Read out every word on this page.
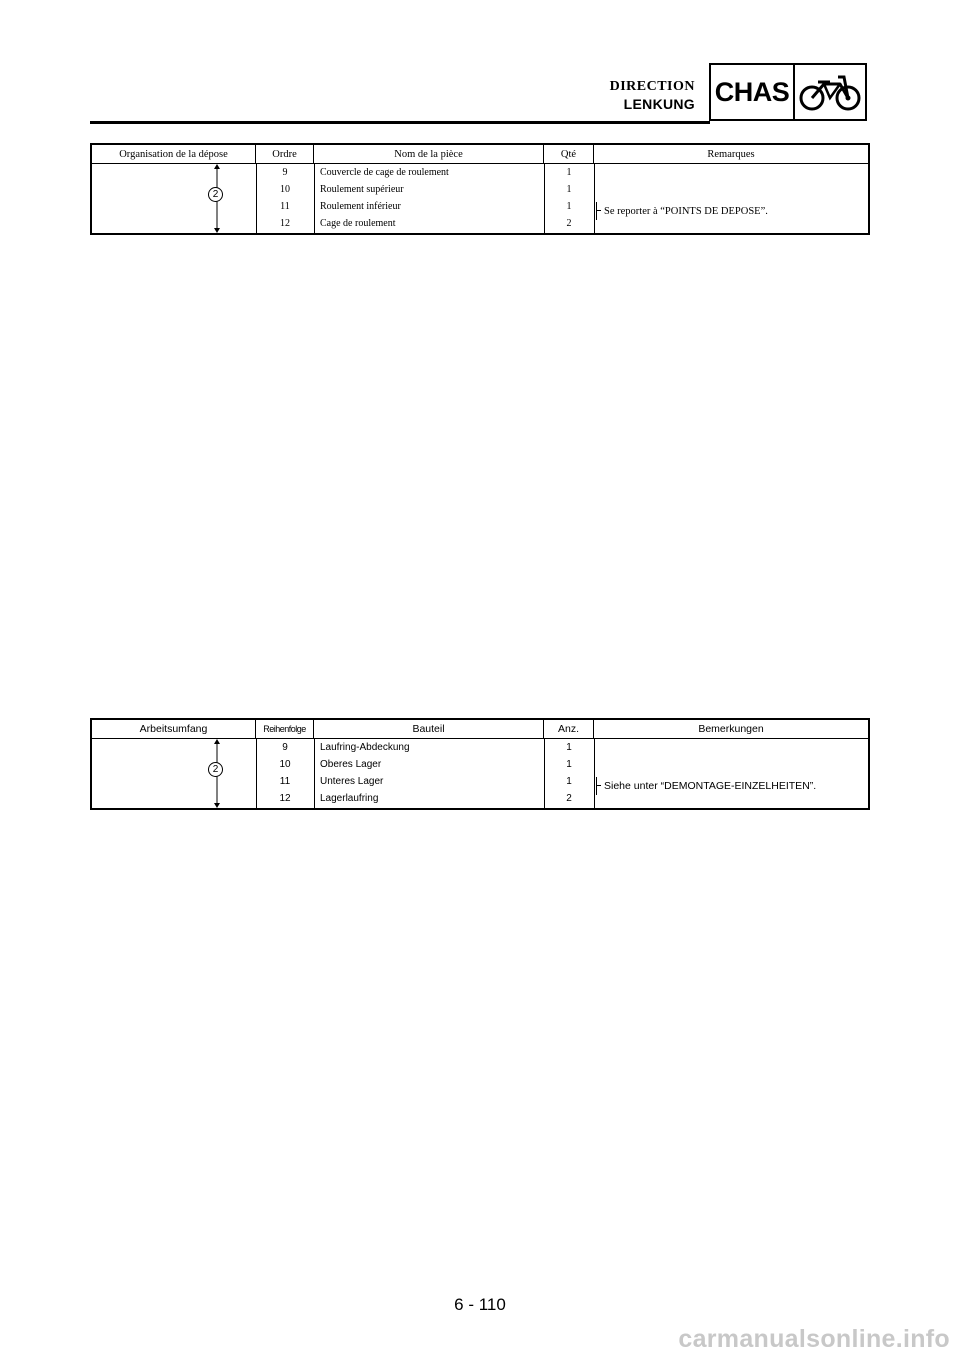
DIRECTION
LENKUNG CHAS
Organisation de la dépose	Ordre	Nom de la pièce	Qté	Remarques
2
9	Couvercle de cage de roulement	1
10	Roulement supérieur	1
11	Roulement inférieur	1
12	Cage de roulement	2
Se reporter à “POINTS DE DEPOSE”.
Arbeitsumfang	Reihenfolge	Bauteil	Anz.	Bemerkungen
2
9	Laufring-Abdeckung	1
10	Oberes Lager	1
11	Unteres Lager	1
12	Lagerlaufring	2
Siehe unter “DEMONTAGE-EINZELHEITEN”.
6 - 110
carmanualsonline.info
